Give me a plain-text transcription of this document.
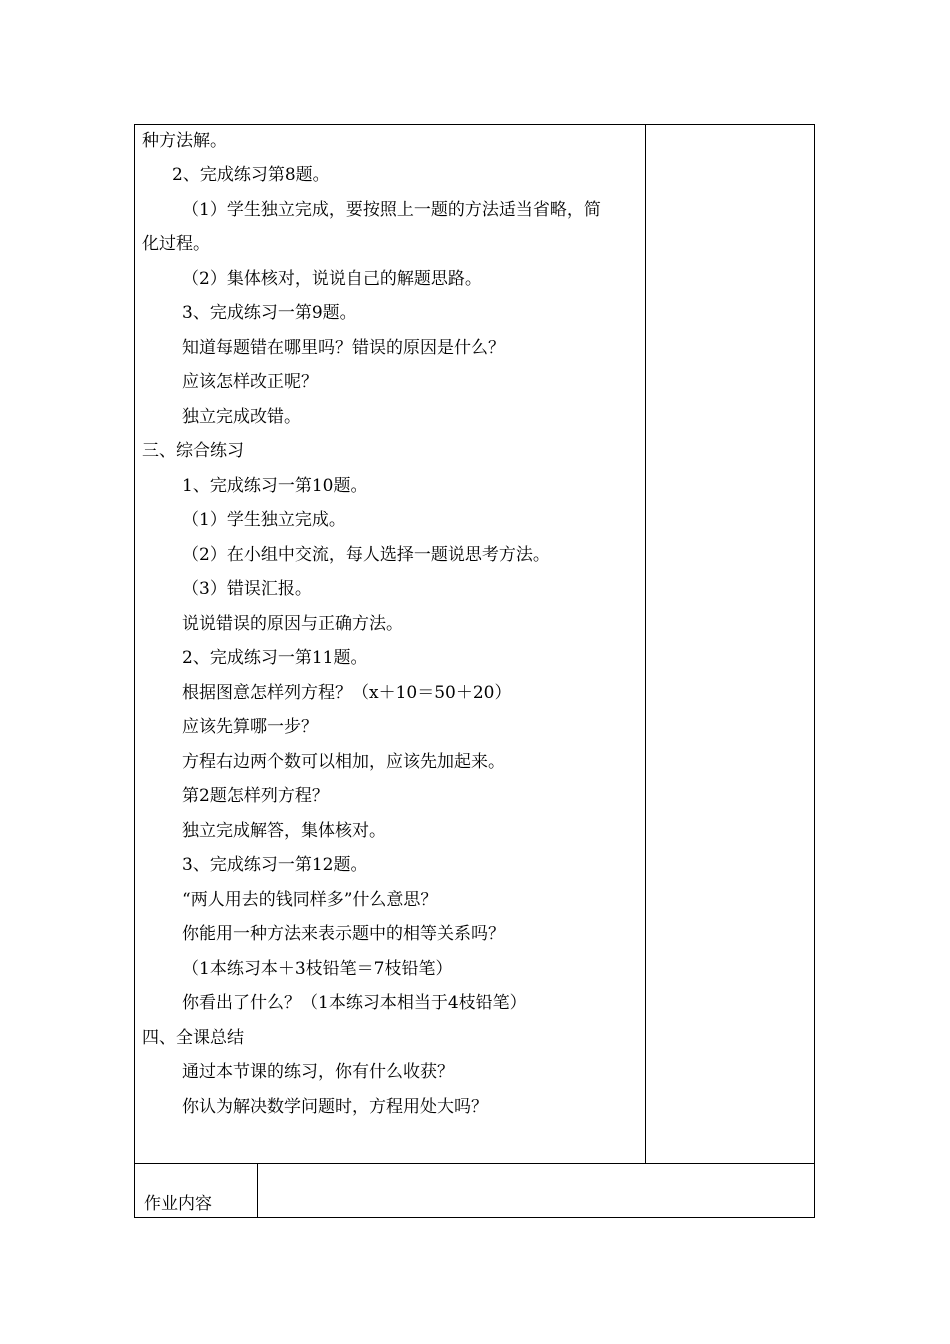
种方法解。
2、完成练习第8题。
（1）学生独立完成，要按照上一题的方法适当省略，简
化过程。
（2）集体核对，说说自己的解题思路。
3、完成练习一第9题。
知道每题错在哪里吗？错误的原因是什么？
应该怎样改正呢？
独立完成改错。
三、综合练习
1、完成练习一第10题。
（1）学生独立完成。
（2）在小组中交流，每人选择一题说思考方法。
（3）错误汇报。
说说错误的原因与正确方法。
2、完成练习一第11题。
根据图意怎样列方程？（x＋10＝50＋20）
应该先算哪一步？
方程右边两个数可以相加，应该先加起来。
第2题怎样列方程？
独立完成解答，集体核对。
3、完成练习一第12题。
“两人用去的钱同样多”什么意思？
你能用一种方法来表示题中的相等关系吗？
（1本练习本＋3枝铅笔＝7枝铅笔）
你看出了什么？（1本练习本相当于4枝铅笔）
四、全课总结
通过本节课的练习，你有什么收获？
你认为解决数学问题时，方程用处大吗？
作业内容
